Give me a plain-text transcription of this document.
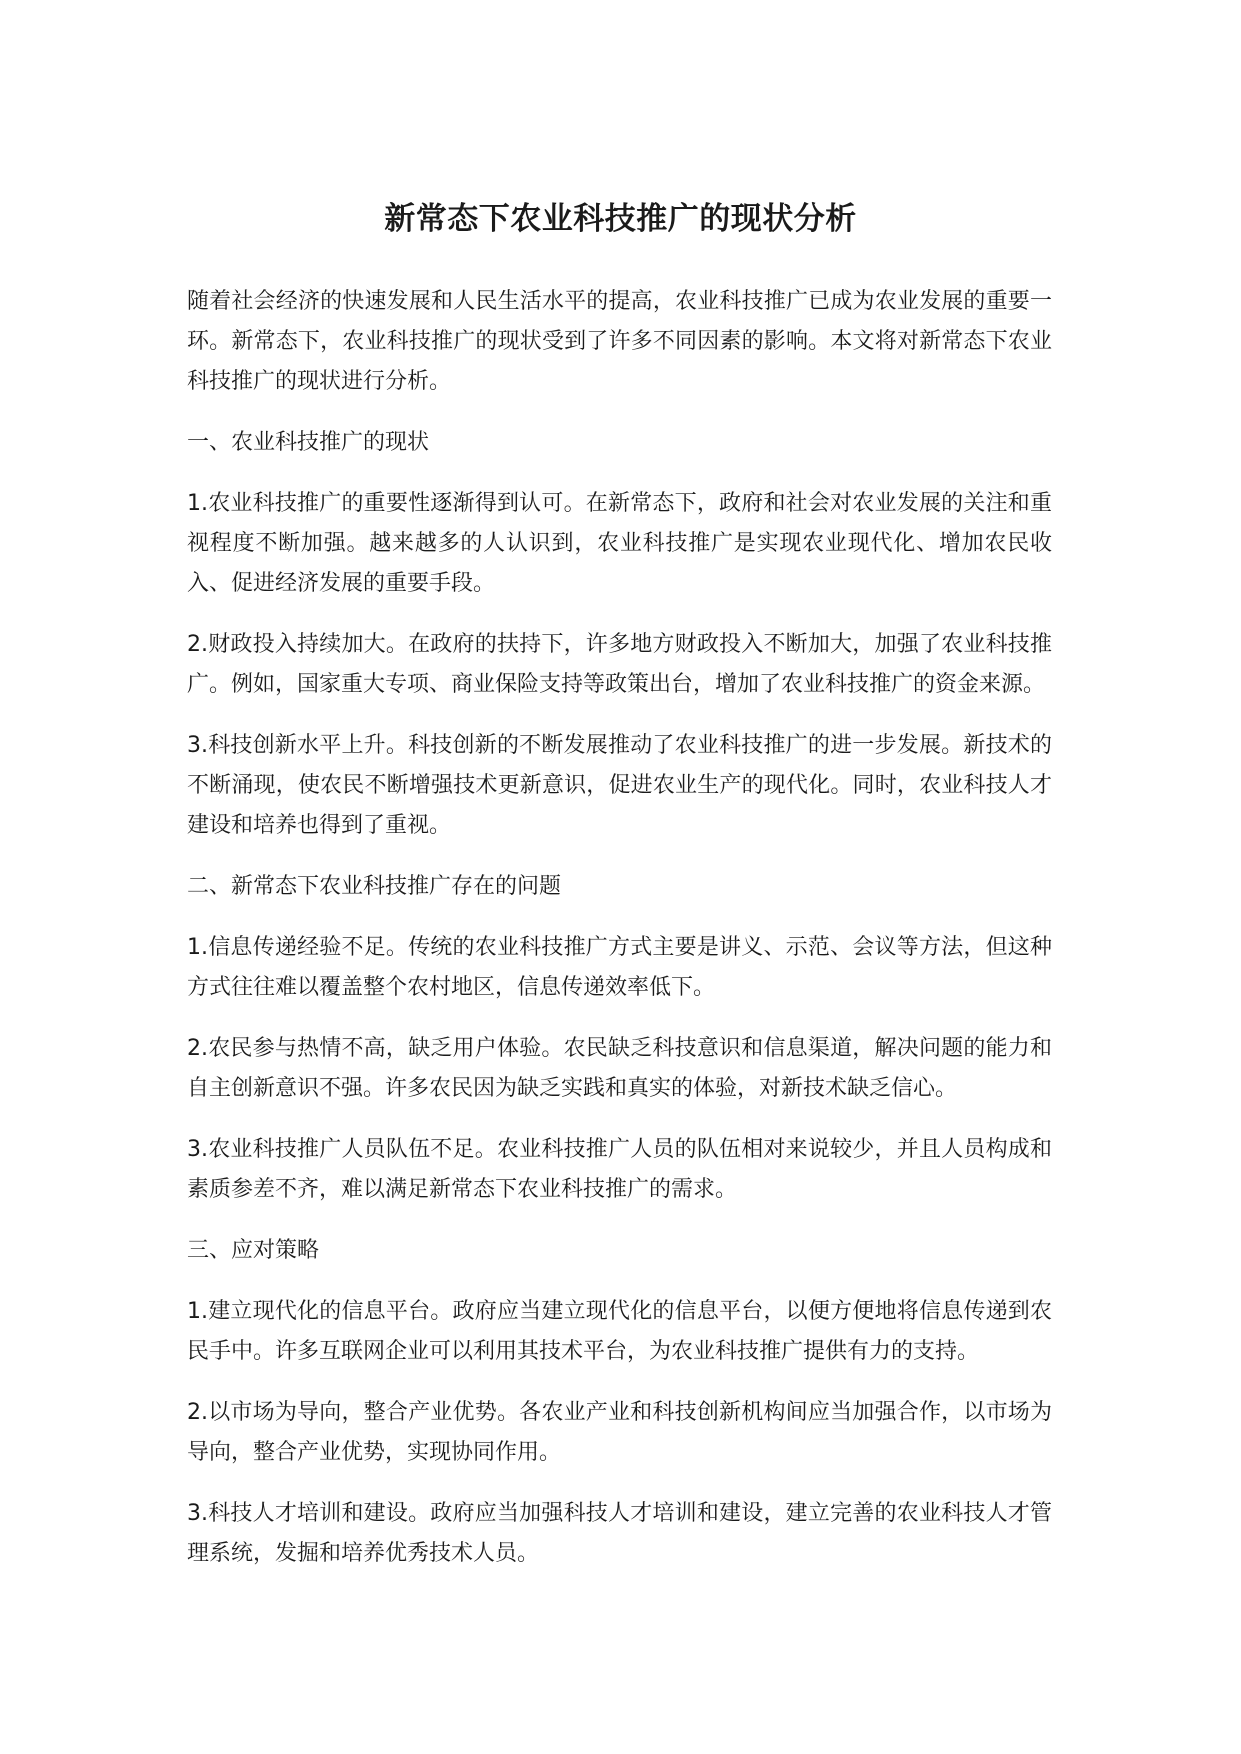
新常态下农业科技推广的现状分析

随着社会经济的快速发展和人民生活水平的提高，农业科技推广已成为农业发展的重要一环。新常态下，农业科技推广的现状受到了许多不同因素的影响。本文将对新常态下农业科技推广的现状进行分析。

一、农业科技推广的现状

1.农业科技推广的重要性逐渐得到认可。在新常态下，政府和社会对农业发展的关注和重视程度不断加强。越来越多的人认识到，农业科技推广是实现农业现代化、增加农民收入、促进经济发展的重要手段。

2.财政投入持续加大。在政府的扶持下，许多地方财政投入不断加大，加强了农业科技推广。例如，国家重大专项、商业保险支持等政策出台，增加了农业科技推广的资金来源。

3.科技创新水平上升。科技创新的不断发展推动了农业科技推广的进一步发展。新技术的不断涌现，使农民不断增强技术更新意识，促进农业生产的现代化。同时，农业科技人才建设和培养也得到了重视。

二、新常态下农业科技推广存在的问题

1.信息传递经验不足。传统的农业科技推广方式主要是讲义、示范、会议等方法，但这种方式往往难以覆盖整个农村地区，信息传递效率低下。

2.农民参与热情不高，缺乏用户体验。农民缺乏科技意识和信息渠道，解决问题的能力和自主创新意识不强。许多农民因为缺乏实践和真实的体验，对新技术缺乏信心。

3.农业科技推广人员队伍不足。农业科技推广人员的队伍相对来说较少，并且人员构成和素质参差不齐，难以满足新常态下农业科技推广的需求。

三、应对策略

1.建立现代化的信息平台。政府应当建立现代化的信息平台，以便方便地将信息传递到农民手中。许多互联网企业可以利用其技术平台，为农业科技推广提供有力的支持。

2.以市场为导向，整合产业优势。各农业产业和科技创新机构间应当加强合作，以市场为导向，整合产业优势，实现协同作用。

3.科技人才培训和建设。政府应当加强科技人才培训和建设，建立完善的农业科技人才管理系统，发掘和培养优秀技术人员。
